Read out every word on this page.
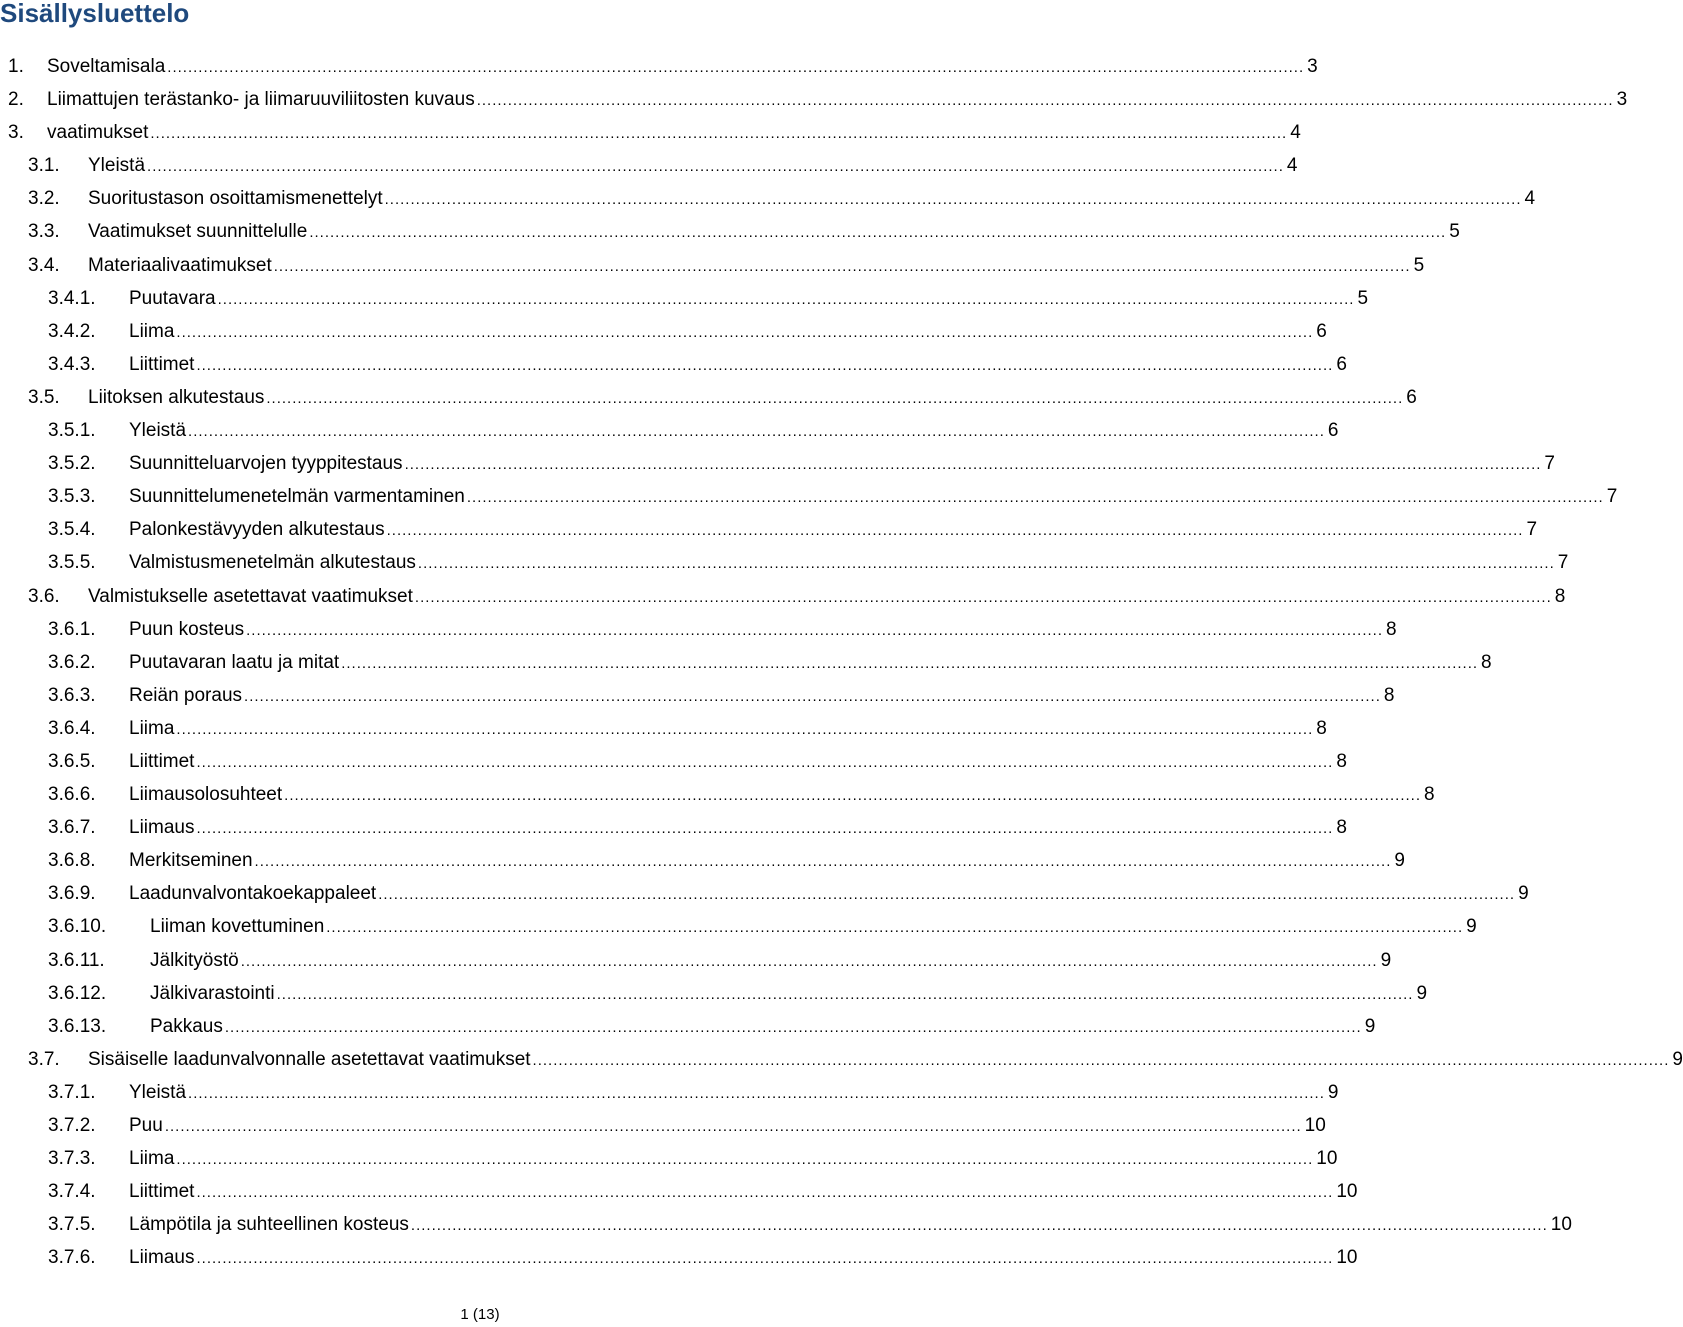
Sisällysluettelo
1. Soveltamisala ............................................................................................................................................................................................................................ 3
2. Liimattujen terästanko- ja liimaruuviliitosten kuvaus ............................................................................................................................................................................................................................ 3
3. vaatimukset ............................................................................................................................................................................................................................ 4
3.1. Yleistä ............................................................................................................................................................................................................................ 4
3.2. Suoritustason osoittamismenettelyt ............................................................................................................................................................................................................................ 4
3.3. Vaatimukset suunnittelulle ............................................................................................................................................................................................................................ 5
3.4. Materiaalivaatimukset ............................................................................................................................................................................................................................ 5
3.4.1. Puutavara ............................................................................................................................................................................................................................ 5
3.4.2. Liima ............................................................................................................................................................................................................................ 6
3.4.3. Liittimet ............................................................................................................................................................................................................................ 6
3.5. Liitoksen alkutestaus ............................................................................................................................................................................................................................ 6
3.5.1. Yleistä ............................................................................................................................................................................................................................ 6
3.5.2. Suunnitteluarvojen tyyppitestaus ............................................................................................................................................................................................................................ 7
3.5.3. Suunnittelumenetelmän varmentaminen ............................................................................................................................................................................................................................ 7
3.5.4. Palonkestävyyden alkutestaus ............................................................................................................................................................................................................................ 7
3.5.5. Valmistusmenetelmän alkutestaus ............................................................................................................................................................................................................................ 7
3.6. Valmistukselle asetettavat vaatimukset ............................................................................................................................................................................................................................ 8
3.6.1. Puun kosteus ............................................................................................................................................................................................................................ 8
3.6.2. Puutavaran laatu ja mitat ............................................................................................................................................................................................................................ 8
3.6.3. Reiän poraus ............................................................................................................................................................................................................................ 8
3.6.4. Liima ............................................................................................................................................................................................................................ 8
3.6.5. Liittimet ............................................................................................................................................................................................................................ 8
3.6.6. Liimausolosuhteet ............................................................................................................................................................................................................................ 8
3.6.7. Liimaus ............................................................................................................................................................................................................................ 8
3.6.8. Merkitseminen ............................................................................................................................................................................................................................ 9
3.6.9. Laadunvalvontakoekappaleet ............................................................................................................................................................................................................................ 9
3.6.10. Liiman kovettuminen ............................................................................................................................................................................................................................ 9
3.6.11. Jälkityöstö ............................................................................................................................................................................................................................ 9
3.6.12. Jälkivarastointi ............................................................................................................................................................................................................................ 9
3.6.13. Pakkaus ............................................................................................................................................................................................................................ 9
3.7. Sisäiselle laadunvalvonnalle asetettavat vaatimukset ............................................................................................................................................................................................................................ 9
3.7.1. Yleistä ............................................................................................................................................................................................................................ 9
3.7.2. Puu ............................................................................................................................................................................................................................ 10
3.7.3. Liima ............................................................................................................................................................................................................................ 10
3.7.4. Liittimet ............................................................................................................................................................................................................................ 10
3.7.5. Lämpötila ja suhteellinen kosteus ............................................................................................................................................................................................................................ 10
3.7.6. Liimaus ............................................................................................................................................................................................................................ 10
1 (13)
